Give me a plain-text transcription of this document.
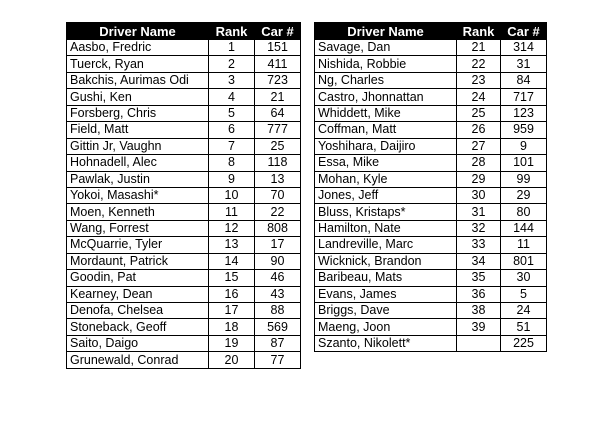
Driver Name	Rank	Car #
Aasbo, Fredric	1	151
Tuerck, Ryan	2	411
Bakchis, Aurimas Odi	3	723
Gushi, Ken	4	21
Forsberg, Chris	5	64
Field, Matt	6	777
Gittin Jr, Vaughn	7	25
Hohnadell, Alec	8	118
Pawlak, Justin	9	13
Yokoi, Masashi*	10	70
Moen, Kenneth	11	22
Wang, Forrest	12	808
McQuarrie, Tyler	13	17
Mordaunt, Patrick	14	90
Goodin, Pat	15	46
Kearney, Dean	16	43
Denofa, Chelsea	17	88
Stoneback, Geoff	18	569
Saito, Daigo	19	87
Grunewald, Conrad	20	77
Driver Name	Rank	Car #
Savage, Dan	21	314
Nishida, Robbie	22	31
Ng, Charles	23	84
Castro, Jhonnattan	24	717
Whiddett, Mike	25	123
Coffman, Matt	26	959
Yoshihara, Daijiro	27	9
Essa, Mike	28	101
Mohan, Kyle	29	99
Jones, Jeff	30	29
Bluss, Kristaps*	31	80
Hamilton, Nate	32	144
Landreville, Marc	33	11
Wicknick, Brandon	34	801
Baribeau, Mats	35	30
Evans, James	36	5
Briggs, Dave	38	24
Maeng, Joon	39	51
Szanto, Nikolett*		225
